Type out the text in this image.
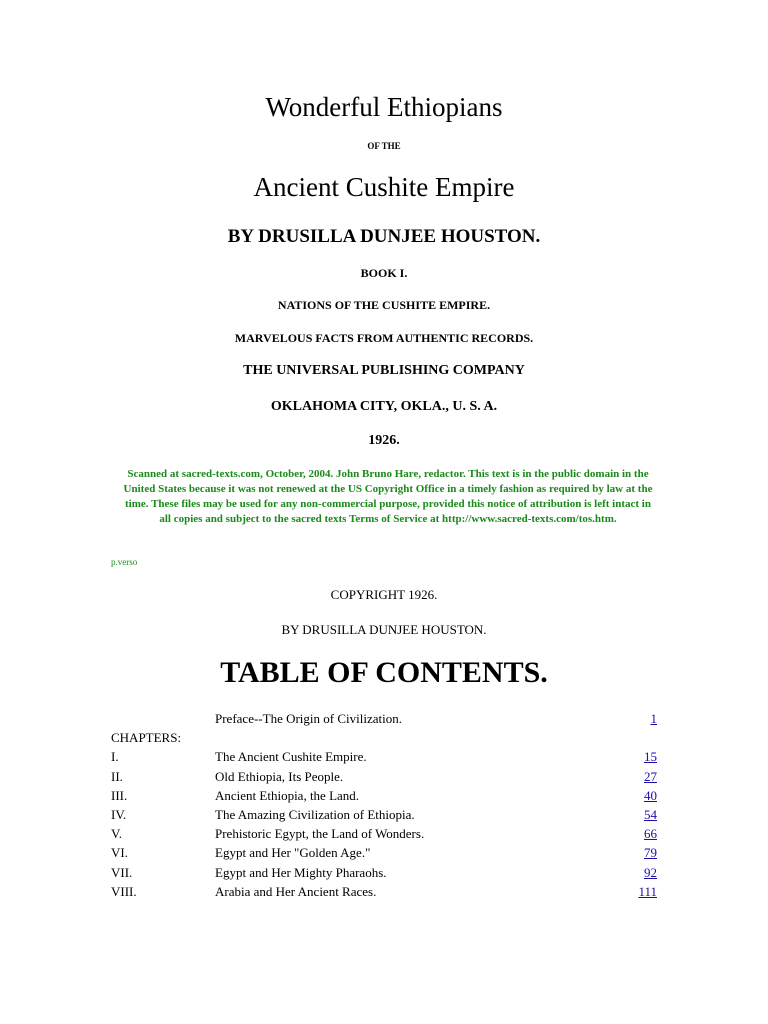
Wonderful Ethiopians
OF THE
Ancient Cushite Empire
BY DRUSILLA DUNJEE HOUSTON.
BOOK I.
NATIONS OF THE CUSHITE EMPIRE.
MARVELOUS FACTS FROM AUTHENTIC RECORDS.
THE UNIVERSAL PUBLISHING COMPANY
OKLAHOMA CITY, OKLA., U. S. A.
1926.
Scanned at sacred-texts.com, October, 2004. John Bruno Hare, redactor. This text is in the public domain in the United States because it was not renewed at the US Copyright Office in a timely fashion as required by law at the time. These files may be used for any non-commercial purpose, provided this notice of attribution is left intact in all copies and subject to the sacred texts Terms of Service at http://www.sacred-texts.com/tos.htm.
p.verso
COPYRIGHT 1926.
BY DRUSILLA DUNJEE HOUSTON.
TABLE OF CONTENTS.
Preface--The Origin of Civilization.	1
CHAPTERS:
I.	The Ancient Cushite Empire.	15
II.	Old Ethiopia, Its People.	27
III.	Ancient Ethiopia, the Land.	40
IV.	The Amazing Civilization of Ethiopia.	54
V.	Prehistoric Egypt, the Land of Wonders.	66
VI.	Egypt and Her "Golden Age."	79
VII.	Egypt and Her Mighty Pharaohs.	92
VIII.	Arabia and Her Ancient Races.	111
